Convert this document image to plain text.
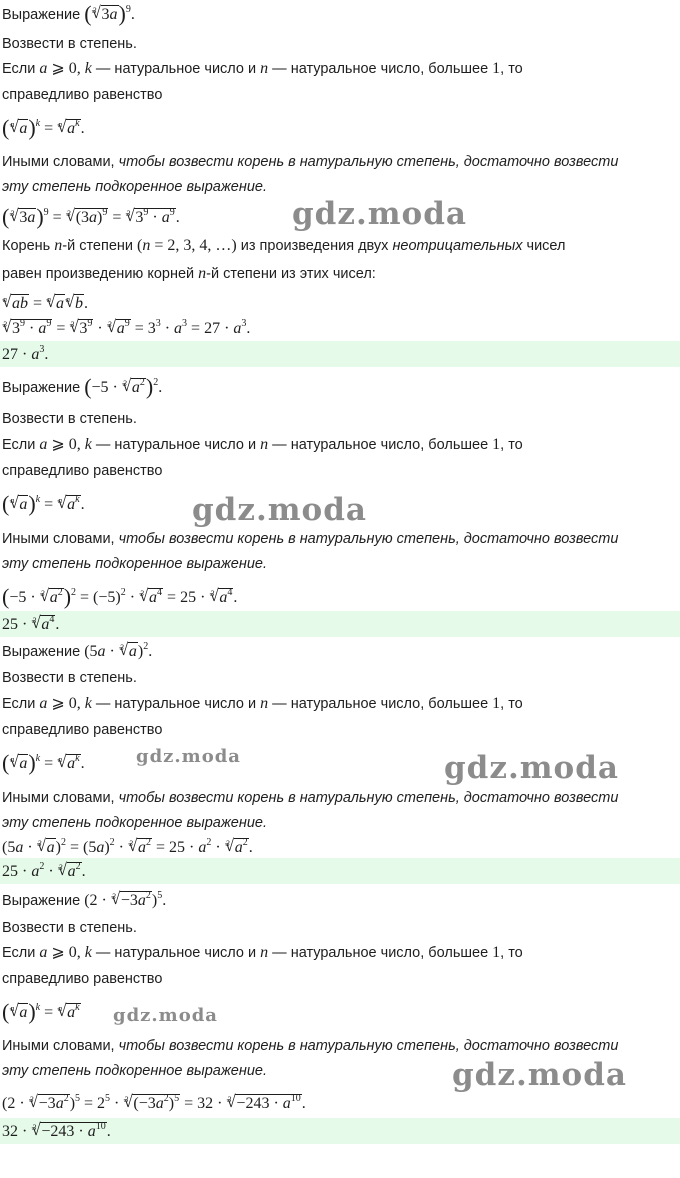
Выражение ( √ 3 3a)$^9$.
Возвести в степень.
Если a ⩾ 0, k — натуральное число и n — натуральное число, большее 1, то
справедливо равенство
( √ n a)$^k$ = √ n $a^k$.
Иными словами, чтобы возвести корень в натуральную степень, достаточно возвести
эту степень подкоренное выражение.
( √ 3 3a)$^9$ = √ 3 $(3a)^9$ = √ 3 $3^9 \cdot a^9$.
Корень n-й степени (n = 2, 3, 4, …) из произведения двух неотрицательных чисел
равен произведению корней n-й степени из этих чисел:
√ n ab = √ n a √ n b.
√ 3 $3^9 \cdot a^9$ = √ 3 $3^9$ · √ 3 $a^9 = 3^3 \cdot a^3 = 27 \cdot a^3$.
$27 \cdot a^3$.
Выражение (−5 · √ 3 $a^2)^2$.
Возвести в степень.
Если a ⩾ 0, k — натуральное число и n — натуральное число, большее 1, то
справедливо равенство
( √ n a)$^k$ = √ n $a^k$.
Иными словами, чтобы возвести корень в натуральную степень, достаточно возвести
эту степень подкоренное выражение.
(−5 · √ 3 $a^2)^2 = (-5)^2$ · √ 3 $a^4 = 25$ · √ 3 $a^4$.
25 · √ 3 $a^4$.
Выражение (5a · √ 3 a)$^2$.
Возвести в степень.
Если a ⩾ 0, k — натуральное число и n — натуральное число, большее 1, то
справедливо равенство
( √ n a)$^k$ = √ n $a^k$.
Иными словами, чтобы возвести корень в натуральную степень, достаточно возвести
эту степень подкоренное выражение.
(5a · √ 3 $a)^2 = (5a)^2$ · √ 3 $a^2 = 25 \cdot a^2$ · √ 3 $a^2$.
$25 \cdot a^2$ · √ 3 $a^2$.
Выражение (2 · √ $3 -3a^2)^5$.
Возвести в степень.
Если a ⩾ 0, k — натуральное число и n — натуральное число, большее 1, то
справедливо равенство
( √ n a)$^k$ = √ n $a^k$
Иными словами, чтобы возвести корень в натуральную степень, достаточно возвести
эту степень подкоренное выражение.
(2 · √ $3 -3a^2)^5 = 2^5$ · √ 3 $(-3a^2)^5 = 32$ · √ $3 -243 \cdot a^{10}$.
32 · √ $3 -243 \cdot a^{10}$.
gdz.moda
gdz.moda
gdz.moda	gdz.moda
gdz.moda
gdz.moda
